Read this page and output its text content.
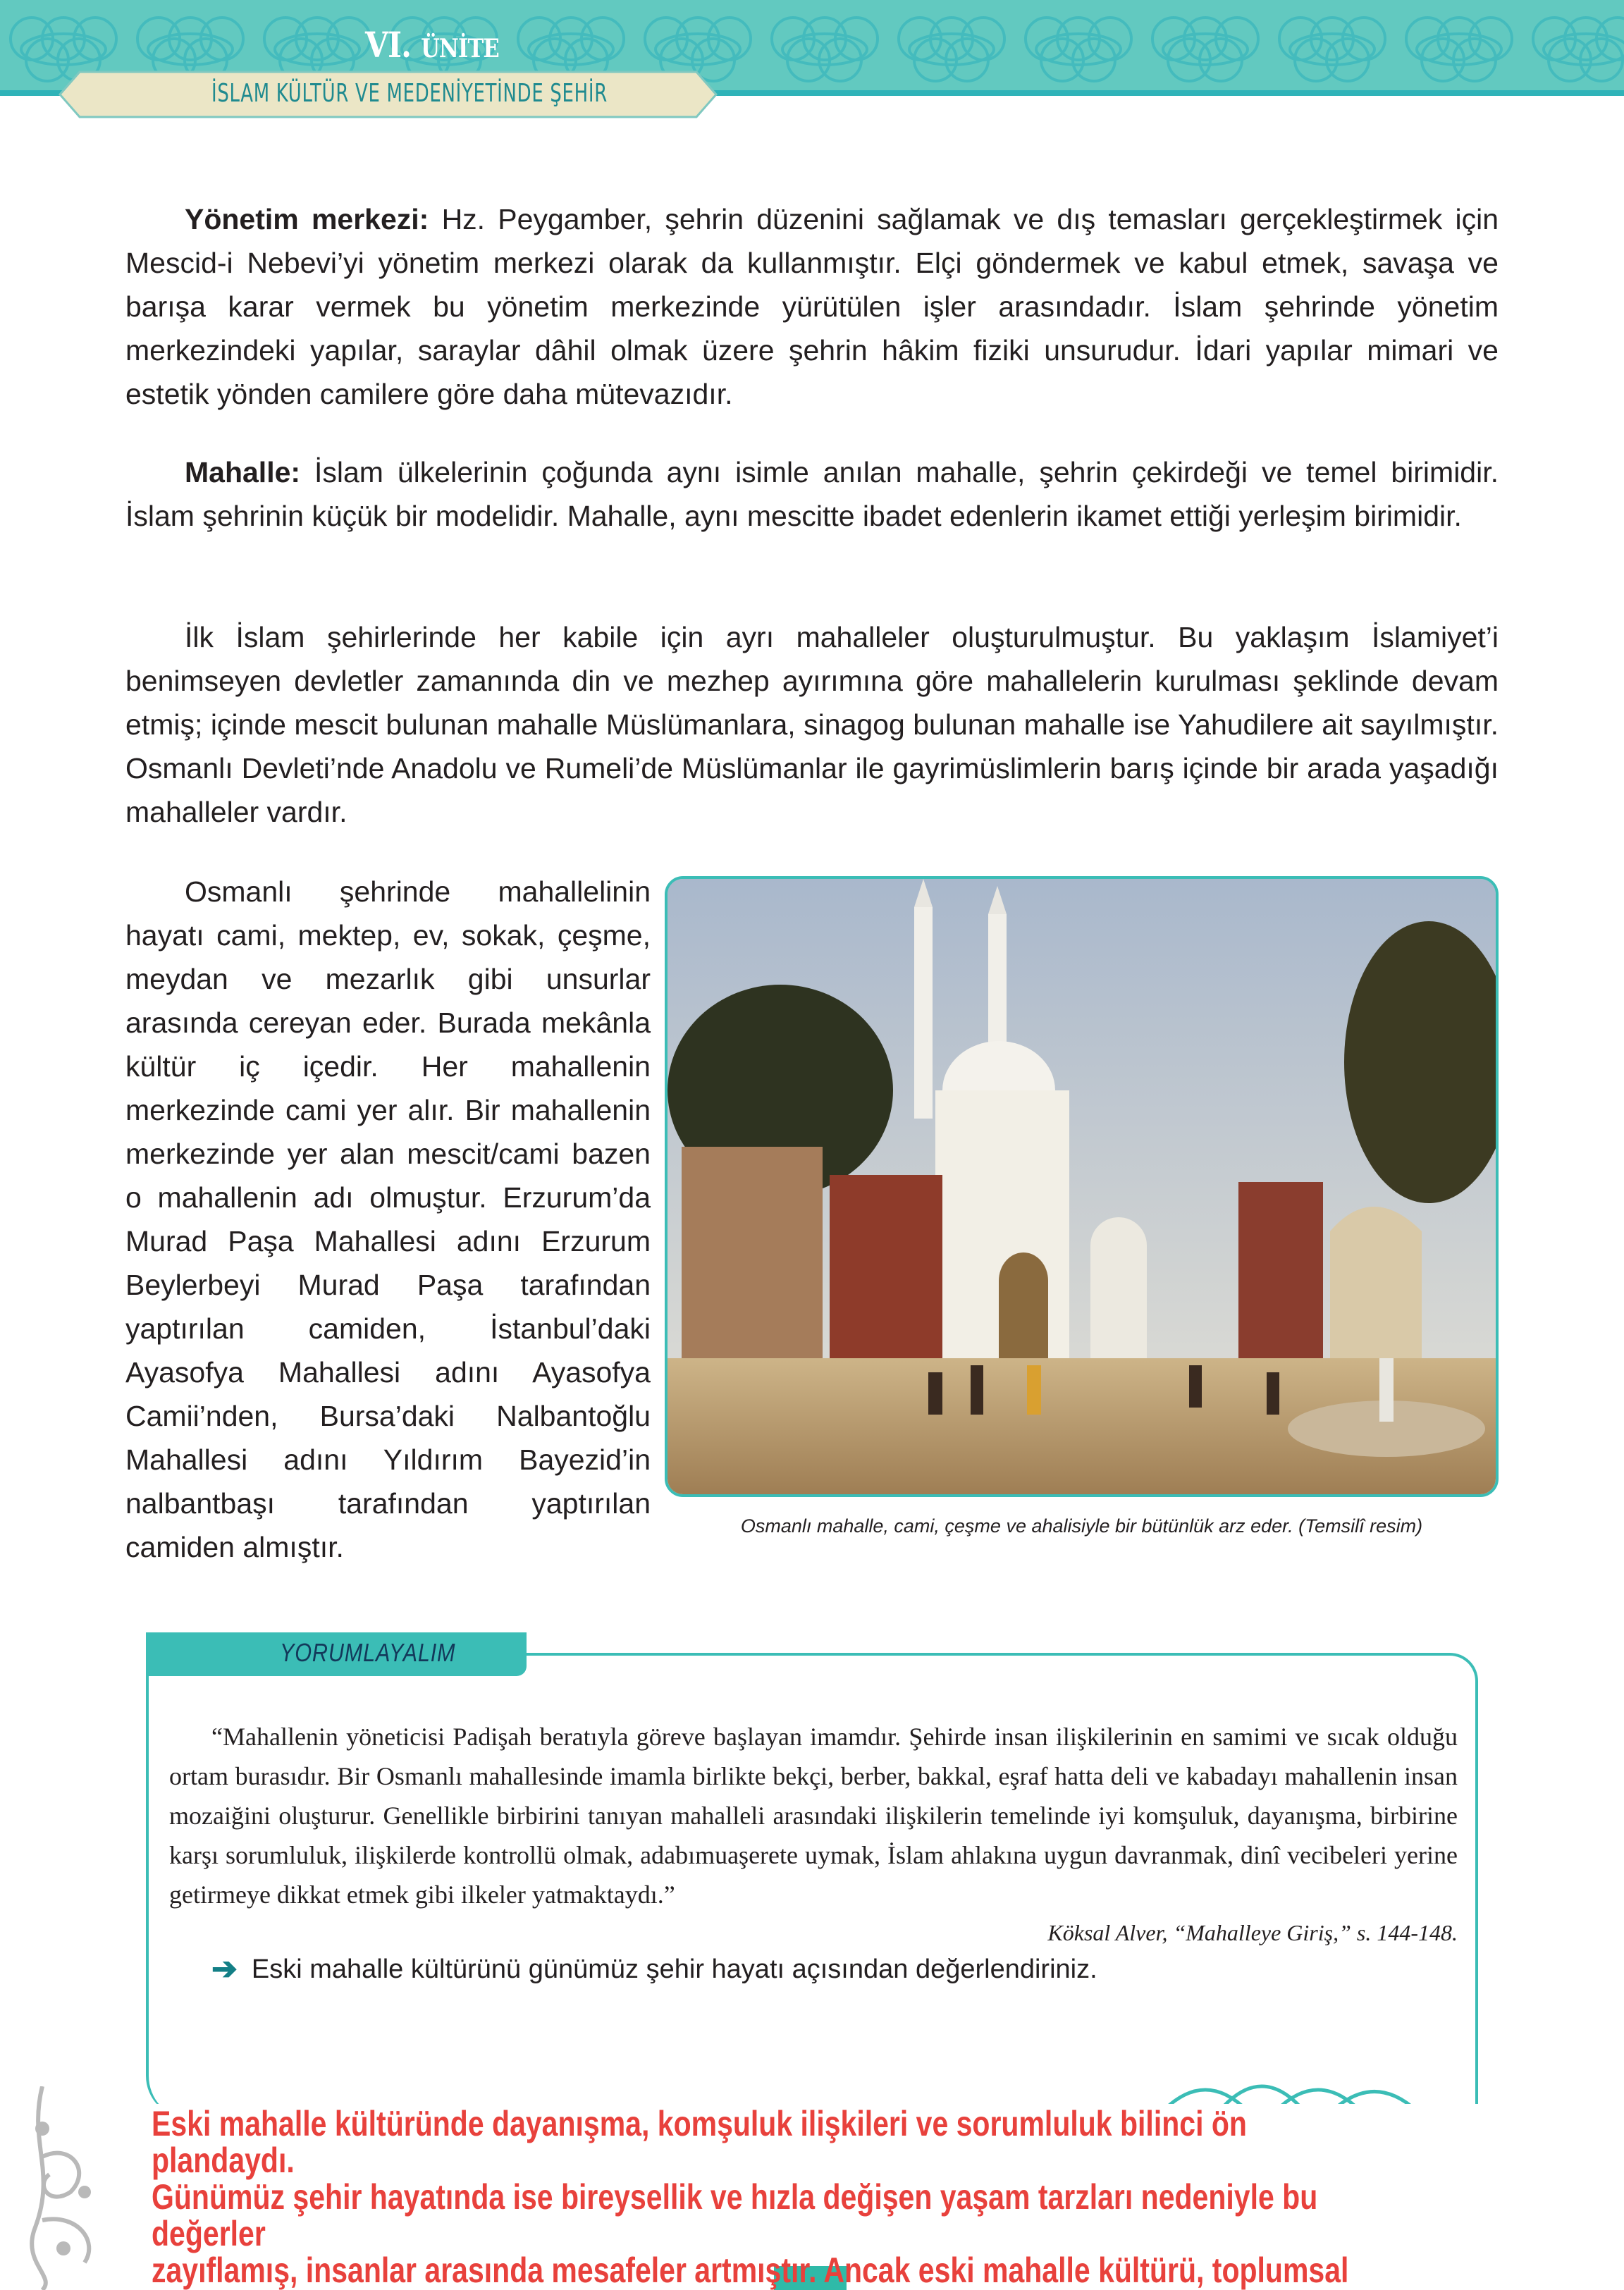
VI. ÜNİTE
İSLAM KÜLTÜR VE MEDENİYETİNDE ŞEHİR

Yönetim merkezi: Hz. Peygamber, şehrin düzenini sağlamak ve dış temasları gerçekleştirmek için Mescid-i Nebevi’yi yönetim merkezi olarak da kullanmıştır. Elçi göndermek ve kabul etmek, savaşa ve barışa karar vermek bu yönetim merkezinde yürütülen işler arasındadır. İslam şehrinde yönetim merkezindeki yapılar, saraylar dâhil olmak üzere şehrin hâkim fiziki unsurudur. İdari yapılar mimari ve estetik yönden camilere göre daha mütevazıdır.

Mahalle: İslam ülkelerinin çoğunda aynı isimle anılan mahalle, şehrin çekirdeği ve temel birimidir. İslam şehrinin küçük bir modelidir. Mahalle, aynı mescitte ibadet edenlerin ikamet ettiği yerleşim birimidir.

İlk İslam şehirlerinde her kabile için ayrı mahalleler oluşturulmuştur. Bu yaklaşım İslamiyet’i benimseyen devletler zamanında din ve mezhep ayırımına göre mahallelerin kurulması şeklinde devam etmiş; içinde mescit bulunan mahalle Müslümanlara, sinagog bulunan mahalle ise Yahudilere ait sayılmıştır. Osmanlı Devleti’nde Anadolu ve Rumeli’de Müslümanlar ile gayrimüslimlerin barış içinde bir arada yaşadığı mahalleler vardır.

Osmanlı şehrinde mahallelinin hayatı cami, mektep, ev, sokak, çeşme, meydan ve mezarlık gibi unsurlar arasında cereyan eder. Burada mekânla kültür iç içedir. Her mahallenin merkezinde cami yer alır. Bir mahallenin merkezinde yer alan mescit/cami bazen o mahallenin adı olmuştur. Erzurum’da Murad Paşa Mahallesi adını Erzurum Beylerbeyi Murad Paşa tarafından yaptırılan camiden, İstanbul’daki Ayasofya Mahallesi adını Ayasofya Camii’nden, Bursa’daki Nalbantoğlu Mahallesi adını Yıldırım Bayezid’in nalbantbaşı tarafından yaptırılan camiden almıştır.

Osmanlı mahalle, cami, çeşme ve ahalisiyle bir bütünlük arz eder. (Temsilî resim)
YORUMLAYALIM

“Mahallenin yöneticisi Padişah beratıyla göreve başlayan imamdır. Şehirde insan ilişkilerinin en samimi ve sıcak olduğu ortam burasıdır. Bir Osmanlı mahallesinde imamla birlikte bekçi, berber, bakkal, eşraf hatta deli ve kabadayı mahallenin insan mozaiğini oluşturur. Genellikle birbirini tanıyan mahalleli arasındaki ilişkilerin temelinde iyi komşuluk, dayanışma, birbirine karşı sorumluluk, ilişkilerde kontrollü olmak, adabımuaşerete uymak, İslam ahlakına uygun davranmak, dinî vecibeleri yerine getirmeye dikkat etmek gibi ilkeler yatmaktaydı.”

Köksal Alver, “Mahalleye Giriş,” s. 144-148.
➔ Eski mahalle kültürünü günümüz şehir hayatı açısından değerlendiriniz.
Eski mahalle kültüründe dayanışma, komşuluk ilişkileri ve sorumluluk bilinci ön
plandaydı.
Günümüz şehir hayatında ise bireysellik ve hızla değişen yaşam tarzları nedeniyle bu
değerler
zayıflamış, insanlar arasında mesafeler artmıştır. Ancak eski mahalle kültürü, toplumsal
